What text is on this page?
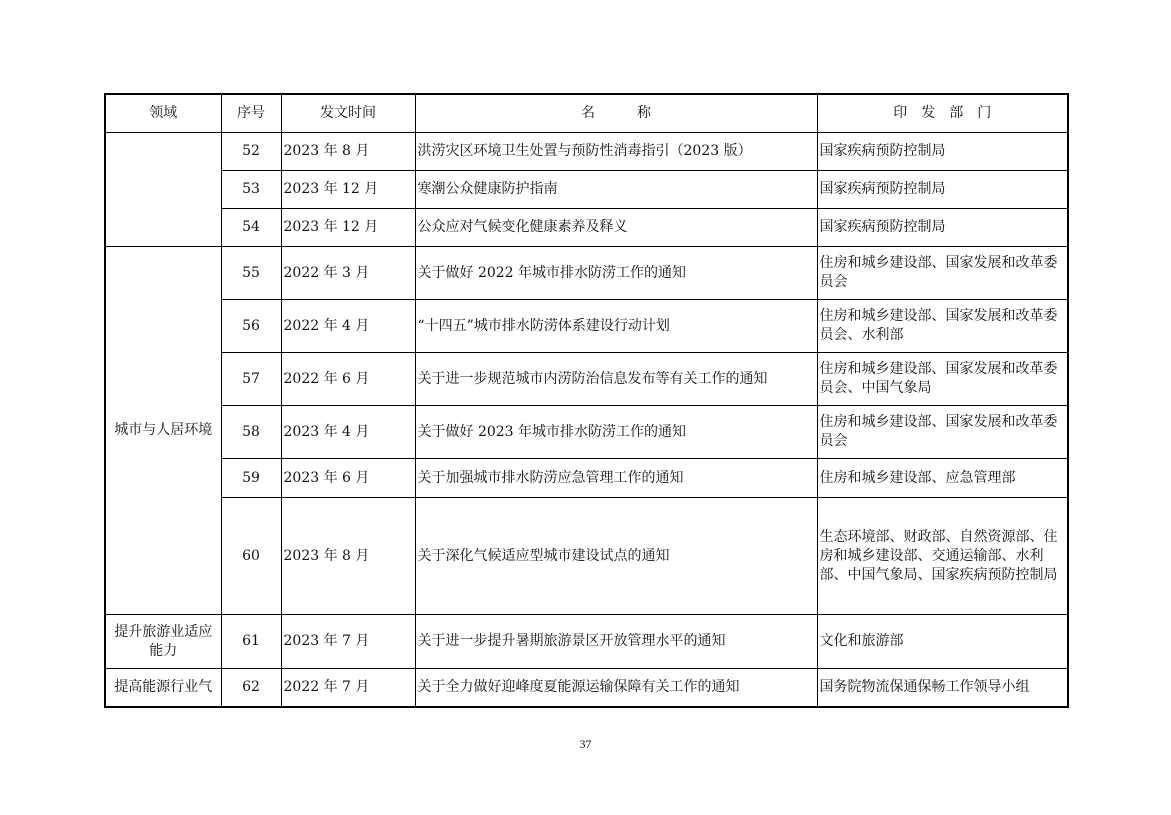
领域	序号	发文时间	名　　　称	印　发　部　门
	52	2023 年 8 月	洪涝灾区环境卫生处置与预防性消毒指引（2023 版）	国家疾病预防控制局
	53	2023 年 12 月	寒潮公众健康防护指南	国家疾病预防控制局
	54	2023 年 12 月	公众应对气候变化健康素养及释义	国家疾病预防控制局
城市与人居环境	55	2022 年 3 月	关于做好 2022 年城市排水防涝工作的通知	住房和城乡建设部、国家发展和改革委员会
	56	2022 年 4 月	“十四五”城市排水防涝体系建设行动计划	住房和城乡建设部、国家发展和改革委员会、水利部
	57	2022 年 6 月	关于进一步规范城市内涝防治信息发布等有关工作的通知	住房和城乡建设部、国家发展和改革委员会、中国气象局
	58	2023 年 4 月	关于做好 2023 年城市排水防涝工作的通知	住房和城乡建设部、国家发展和改革委员会
	59	2023 年 6 月	关于加强城市排水防涝应急管理工作的通知	住房和城乡建设部、应急管理部
	60	2023 年 8 月	关于深化气候适应型城市建设试点的通知	生态环境部、财政部、自然资源部、住房和城乡建设部、交通运输部、水利部、中国气象局、国家疾病预防控制局
提升旅游业适应能力	61	2023 年 7 月	关于进一步提升暑期旅游景区开放管理水平的通知	文化和旅游部
提高能源行业气	62	2022 年 7 月	关于全力做好迎峰度夏能源运输保障有关工作的通知	国务院物流保通保畅工作领导小组
37
